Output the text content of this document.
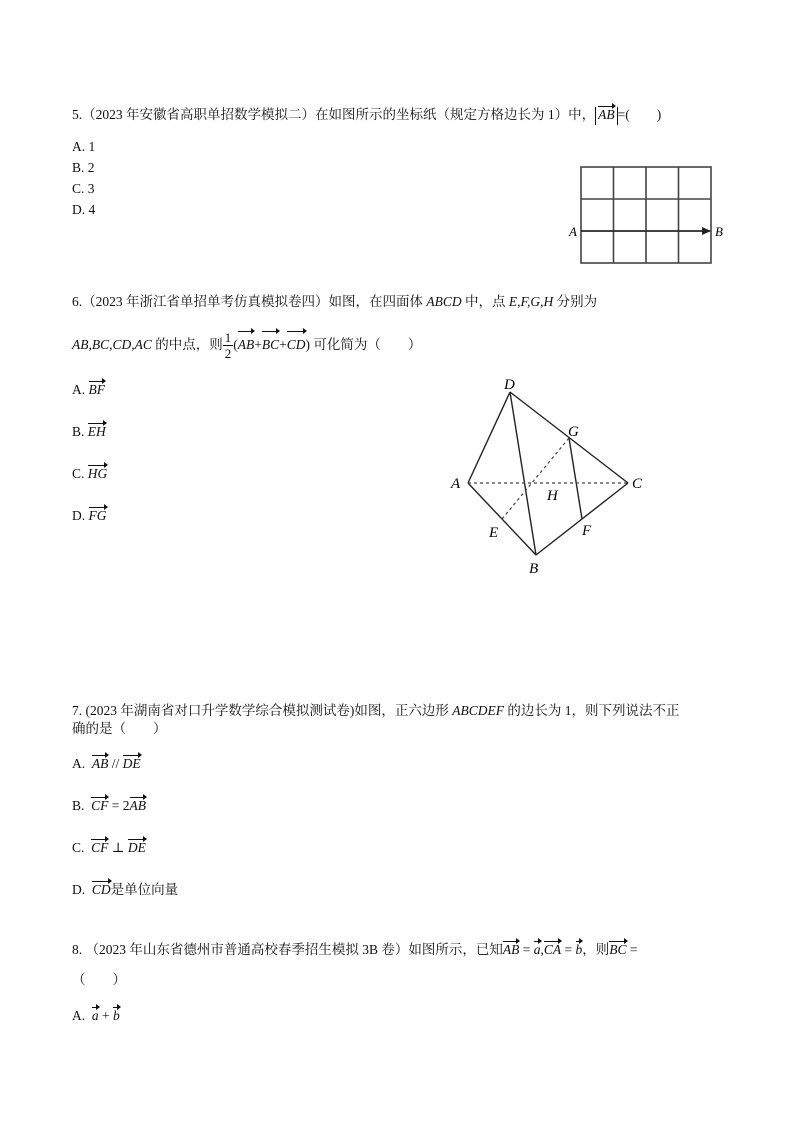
5.（2023 年安徽省高职单招数学模拟二）在如图所示的坐标纸（规定方格边长为 1）中， AB =(　　)
A. 1
B. 2
C. 3
D. 4
A	B
6.（2023 年浙江省单招单考仿真模拟卷四）如图，在四面体 ABCD 中，点 E,F,G,H 分别为
AB,BC,CD,AC 的中点，则 $\frac{1}{2} (AB+BC+CD)$ 可化简为（　　）
A. BF
B. EH
C. HG
D. FG
D
A	C
B
G
H
E	F
7. (2023 年湖南省对口升学数学综合模拟测试卷)如图，正六边形 ABCDEF 的边长为 1，则下列说法不正
确的是（　　）
A. AB // DE
B. CF = 2AB
C. CF ⊥ DE
D. CD是单位向量
8. （2023 年山东省德州市普通高校春季招生模拟 3B 卷）如图所示，已知AB = a,CA = b，则BC =
（　　）
A. a + b
